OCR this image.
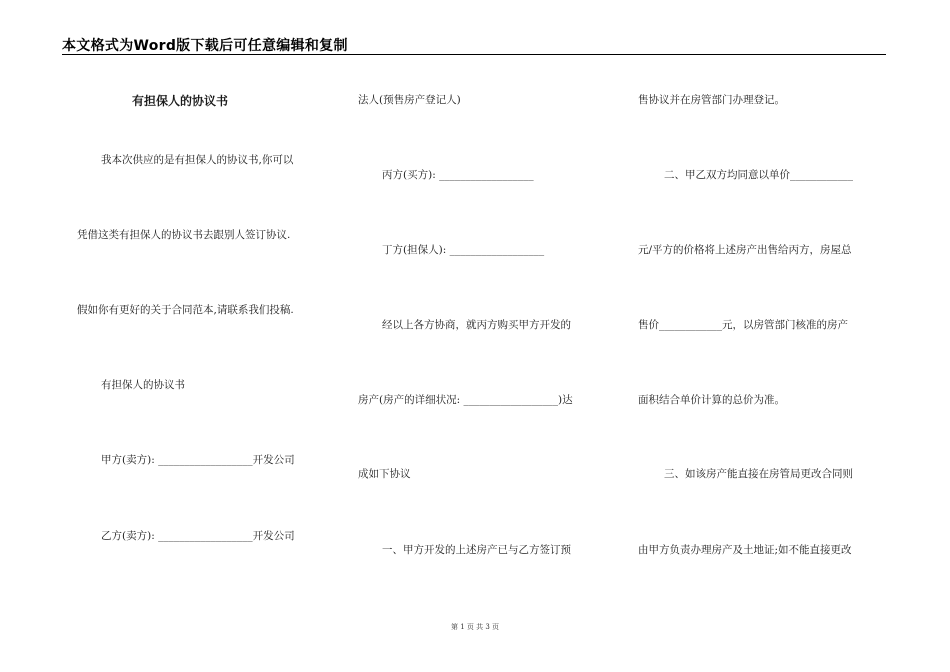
本文格式为Word版下载后可任意编辑和复制
有担保人的协议书
我本次供应的是有担保人的协议书,你可以
凭借这类有担保人的协议书去跟别人签订协议.
假如你有更好的关于合同范本,请联系我们投稿.
有担保人的协议书
甲方(卖方): __________________开发公司
乙方(卖方): __________________开发公司
法人(预售房产登记人)
丙方(买方): __________________
丁方(担保人): __________________
经以上各方协商，就丙方购买甲方开发的
房产(房产的详细状况: __________________)达
成如下协议
一、甲方开发的上述房产已与乙方签订预
售协议并在房管部门办理登记。
二、甲乙双方均同意以单价____________
元/平方的价格将上述房产出售给丙方，房屋总
售价____________元，以房管部门核准的房产
面积结合单价计算的总价为准。
三、如该房产能直接在房管局更改合同则
由甲方负责办理房产及土地证;如不能直接更改
第 1 页 共 3 页
